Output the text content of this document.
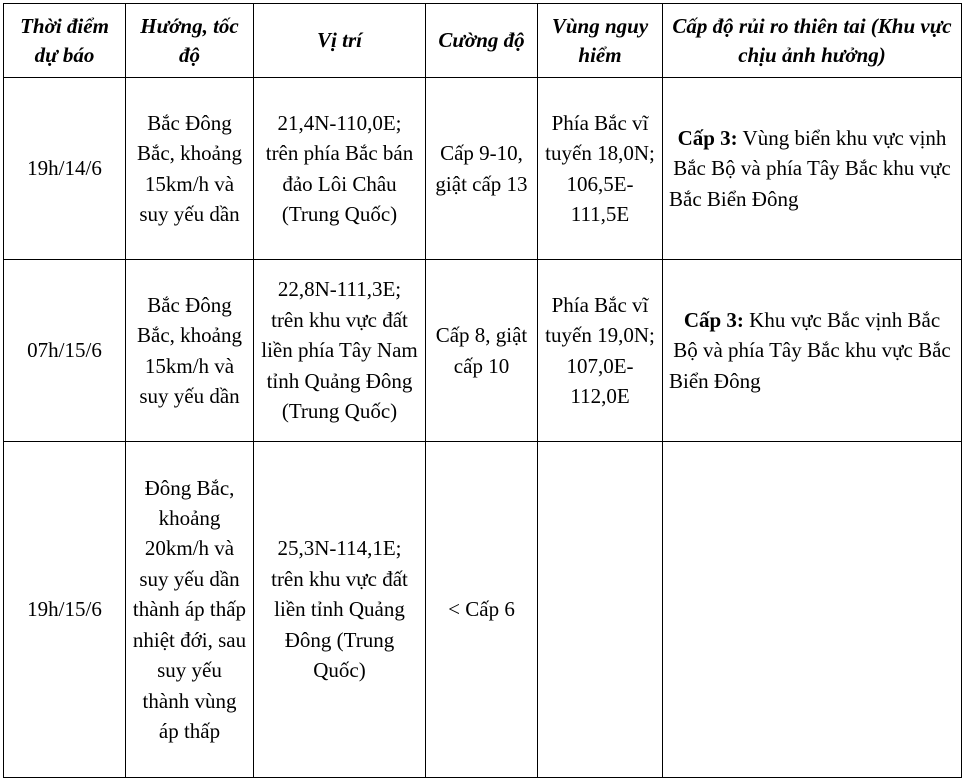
Thời điểm dự báo	Hướng, tốc độ	Vị trí	Cường độ	Vùng nguy hiểm	Cấp độ rủi ro thiên tai (Khu vực chịu ảnh hưởng)
19h/14/6	Bắc Đông Bắc, khoảng 15km/h và suy yếu dần	21,4N-110,0E; trên phía Bắc bán đảo Lôi Châu (Trung Quốc)	Cấp 9-10, giật cấp 13	Phía Bắc vĩ tuyến 18,0N; 106,5E-111,5E	Cấp 3: Vùng biển khu vực vịnh Bắc Bộ và phía Tây Bắc khu vực Bắc Biển Đông
07h/15/6	Bắc Đông Bắc, khoảng 15km/h và suy yếu dần	22,8N-111,3E; trên khu vực đất liền phía Tây Nam tỉnh Quảng Đông (Trung Quốc)	Cấp 8, giật cấp 10	Phía Bắc vĩ tuyến 19,0N; 107,0E-112,0E	Cấp 3: Khu vực Bắc vịnh Bắc Bộ và phía Tây Bắc khu vực Bắc Biển Đông
19h/15/6	Đông Bắc, khoảng 20km/h và suy yếu dần thành áp thấp nhiệt đới, sau suy yếu thành vùng áp thấp	25,3N-114,1E; trên khu vực đất liền tỉnh Quảng Đông (Trung Quốc)	< Cấp 6		
